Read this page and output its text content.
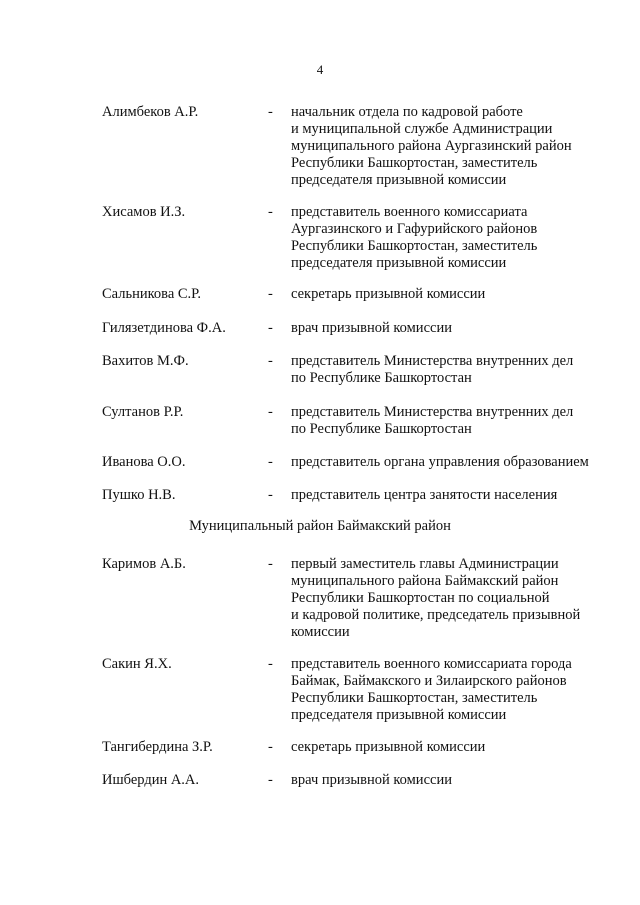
4
Алимбеков А.Р.	- начальник отдела по кадровой работе
и муниципальной службе Администрации
муниципального района Аургазинский район
Республики Башкортостан, заместитель
председателя призывной комиссии
Хисамов И.З.	- представитель военного комиссариата
Аургазинского и Гафурийского районов
Республики Башкортостан, заместитель
председателя призывной комиссии
Сальникова С.Р.	- секретарь призывной комиссии
Гилязетдинова Ф.А.	- врач призывной комиссии
Вахитов М.Ф.	- представитель Министерства внутренних дел
по Республике Башкортостан
Султанов Р.Р.	- представитель Министерства внутренних дел
по Республике Башкортостан
Иванова О.О.	- представитель органа управления образованием
Пушко Н.В.	- представитель центра занятости населения
Муниципальный район Баймакский район
Каримов А.Б.	- первый заместитель главы Администрации
муниципального района Баймакский район
Республики Башкортостан по социальной
и кадровой политике, председатель призывной
комиссии
Сакин Я.Х.	- представитель военного комиссариата города
Баймак, Баймакского и Зилаирского районов
Республики Башкортостан, заместитель
председателя призывной комиссии
Тангибердина З.Р.	- секретарь призывной комиссии
Ишбердин А.А.	- врач призывной комиссии
